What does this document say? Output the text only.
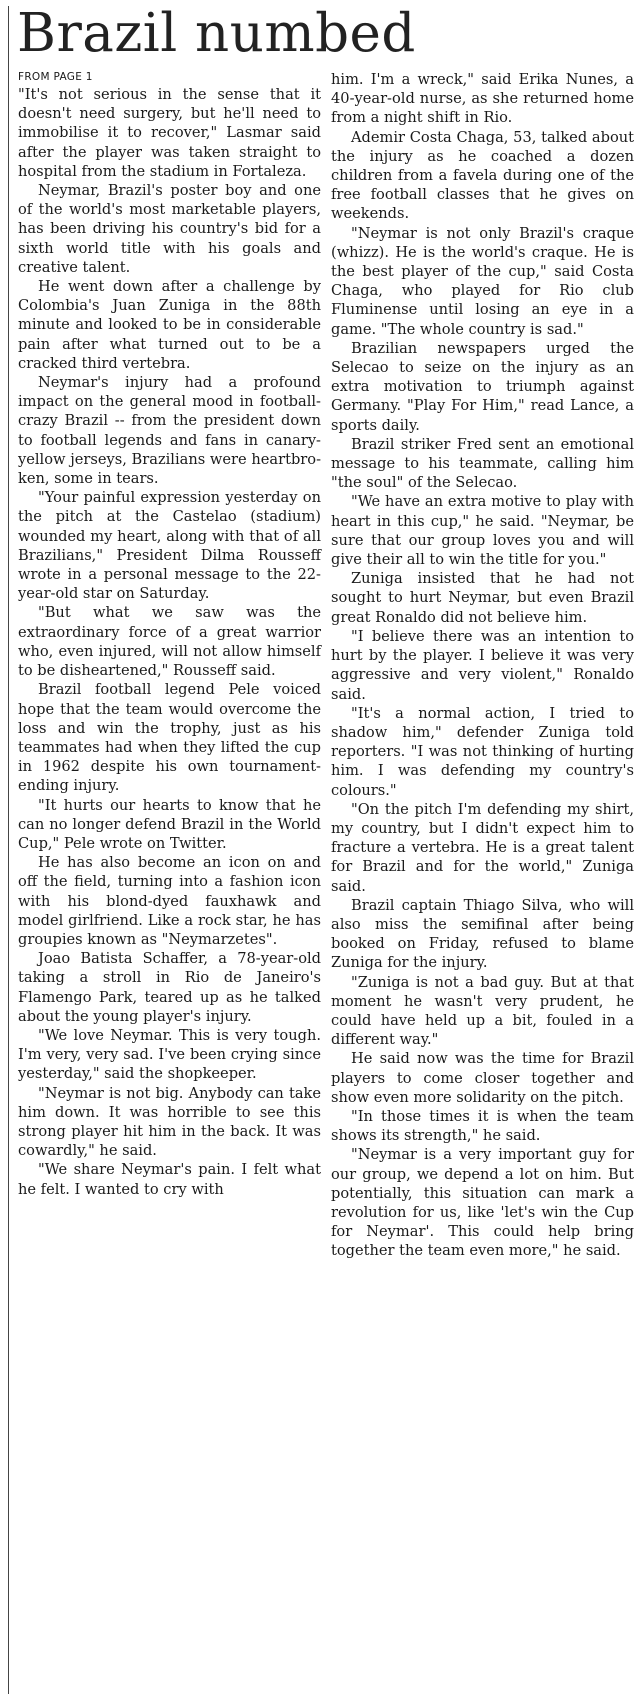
Brazil numbed
FROM PAGE 1

"It's not serious in the sense that it doesn't need surgery, but he'll need to immobilise it to recover," Lasmar said after the player was taken straight to hospital from the stadium in Fortaleza.

Neymar, Brazil's poster boy and one of the world's most marketable players, has been driving his country's bid for a sixth world title with his goals and creative talent.

He went down after a challenge by Colombia's Juan Zuniga in the 88th minute and looked to be in considerable pain after what turned out to be a cracked third vertebra.

Neymar's injury had a profound impact on the general mood in football-crazy Brazil -- from the president down to football legends and fans in canary-yellow jerseys, Brazilians were heartbroken, some in tears.

"Your painful expression yesterday on the pitch at the Castelao (stadium) wounded my heart, along with that of all Brazilians," President Dilma Rousseff wrote in a personal message to the 22-year-old star on Saturday.

"But what we saw was the extraordinary force of a great warrior who, even injured, will not allow himself to be disheartened," Rousseff said.

Brazil football legend Pele voiced hope that the team would overcome the loss and win the trophy, just as his teammates had when they lifted the cup in 1962 despite his own tournament-ending injury.

"It hurts our hearts to know that he can no longer defend Brazil in the World Cup," Pele wrote on Twitter.

He has also become an icon on and off the field, turning into a fashion icon with his blond-dyed fauxhawk and model girlfriend. Like a rock star, he has groupies known as "Neymarzetes".

Joao Batista Schaffer, a 78-year-old taking a stroll in Rio de Janeiro's Flamengo Park, teared up as he talked about the young player's injury.

"We love Neymar. This is very tough. I'm very, very sad. I've been crying since yesterday," said the shopkeeper.

"Neymar is not big. Anybody can take him down. It was horrible to see this strong player hit him in the back. It was cowardly," he said.

"We share Neymar's pain. I felt what he felt. I wanted to cry with

him. I'm a wreck," said Erika Nunes, a 40-year-old nurse, as she returned home from a night shift in Rio.

Ademir Costa Chaga, 53, talked about the injury as he coached a dozen children from a favela during one of the free football classes that he gives on weekends.

"Neymar is not only Brazil's craque (whizz). He is the world's craque. He is the best player of the cup," said Costa Chaga, who played for Rio club Fluminense until losing an eye in a game. "The whole country is sad."

Brazilian newspapers urged the Selecao to seize on the injury as an extra motivation to triumph against Germany. "Play For Him," read Lance, a sports daily.

Brazil striker Fred sent an emotional message to his teammate, calling him "the soul" of the Selecao.

"We have an extra motive to play with heart in this cup," he said. "Neymar, be sure that our group loves you and will give their all to win the title for you."

Zuniga insisted that he had not sought to hurt Neymar, but even Brazil great Ronaldo did not believe him.

"I believe there was an intention to hurt by the player. I believe it was very aggressive and very violent," Ronaldo said.

"It's a normal action, I tried to shadow him," defender Zuniga told reporters. "I was not thinking of hurting him. I was defending my country's colours."

"On the pitch I'm defending my shirt, my country, but I didn't expect him to fracture a vertebra. He is a great talent for Brazil and for the world," Zuniga said.

Brazil captain Thiago Silva, who will also miss the semifinal after being booked on Friday, refused to blame Zuniga for the injury.

"Zuniga is not a bad guy. But at that moment he wasn't very prudent, he could have held up a bit, fouled in a different way."

He said now was the time for Brazil players to come closer together and show even more solidarity on the pitch.

"In those times it is when the team shows its strength," he said.

"Neymar is a very important guy for our group, we depend a lot on him. But potentially, this situation can mark a revolution for us, like 'let's win the Cup for Neymar'. This could help bring together the team even more," he said.
